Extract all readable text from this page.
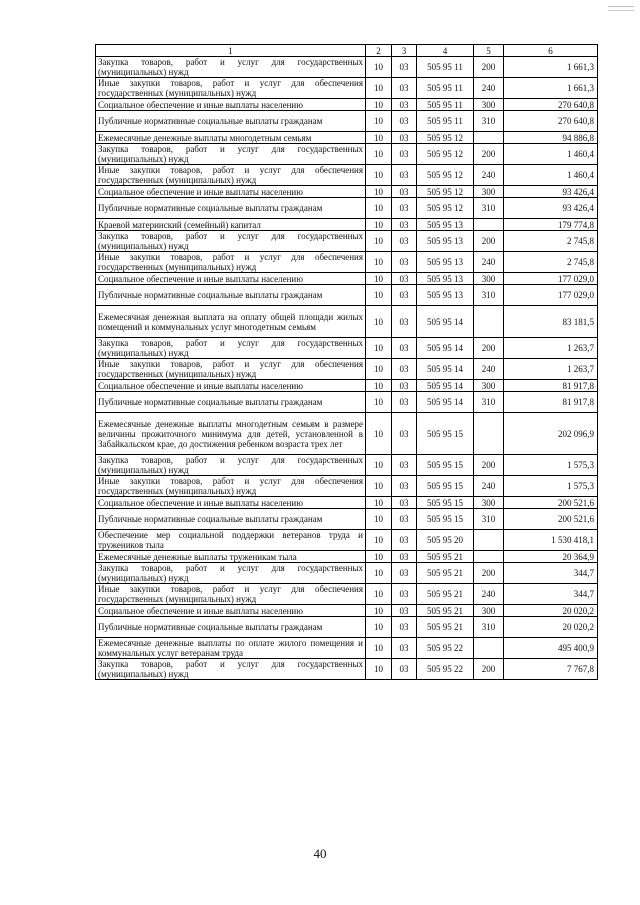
1	2	3	4	5	6
Закупка товаров, работ и услуг для государственных (муниципальных) нужд	10	03	505 95 11	200	1 661,3
Иные закупки товаров, работ и услуг для обеспечения государственных (муниципальных) нужд	10	03	505 95 11	240	1 661,3
Социальное обеспечение и иные выплаты населению	10	03	505 95 11	300	270 640,8
Публичные нормативные социальные выплаты гражданам	10	03	505 95 11	310	270 640,8
Ежемесячные денежные выплаты многодетным семьям	10	03	505 95 12		94 886,8
Закупка товаров, работ и услуг для государственных (муниципальных) нужд	10	03	505 95 12	200	1 460,4
Иные закупки товаров, работ и услуг для обеспечения государственных (муниципальных) нужд	10	03	505 95 12	240	1 460,4
Социальное обеспечение и иные выплаты населению	10	03	505 95 12	300	93 426,4
Публичные нормативные социальные выплаты гражданам	10	03	505 95 12	310	93 426,4
Краевой материнский (семейный) капитал	10	03	505 95 13		179 774,8
Закупка товаров, работ и услуг для государственных (муниципальных) нужд	10	03	505 95 13	200	2 745,8
Иные закупки товаров, работ и услуг для обеспечения государственных (муниципальных) нужд	10	03	505 95 13	240	2 745,8
Социальное обеспечение и иные выплаты населению	10	03	505 95 13	300	177 029,0
Публичные нормативные социальные выплаты гражданам	10	03	505 95 13	310	177 029,0
Ежемесячная денежная выплата на оплату общей площади жилых помещений и коммунальных услуг многодетным семьям	10	03	505 95 14		83 181,5
Закупка товаров, работ и услуг для государственных (муниципальных) нужд	10	03	505 95 14	200	1 263,7
Иные закупки товаров, работ и услуг для обеспечения государственных (муниципальных) нужд	10	03	505 95 14	240	1 263,7
Социальное обеспечение и иные выплаты населению	10	03	505 95 14	300	81 917,8
Публичные нормативные социальные выплаты гражданам	10	03	505 95 14	310	81 917,8
Ежемесячные денежные выплаты многодетным семьям в размере величины прожиточного минимума для детей, установленной в Забайкальском крае, до достижения ребенком возраста трех лет	10	03	505 95 15		202 096,9
Закупка товаров, работ и услуг для государственных (муниципальных) нужд	10	03	505 95 15	200	1 575,3
Иные закупки товаров, работ и услуг для обеспечения государственных (муниципальных) нужд	10	03	505 95 15	240	1 575,3
Социальное обеспечение и иные выплаты населению	10	03	505 95 15	300	200 521,6
Публичные нормативные социальные выплаты гражданам	10	03	505 95 15	310	200 521,6
Обеспечение мер социальной поддержки ветеранов труда и тружеников тыла	10	03	505 95 20		1 530 418,1
Ежемесячные денежные выплаты труженикам тыла	10	03	505 95 21		20 364,9
Закупка товаров, работ и услуг для государственных (муниципальных) нужд	10	03	505 95 21	200	344,7
Иные закупки товаров, работ и услуг для обеспечения государственных (муниципальных) нужд	10	03	505 95 21	240	344,7
Социальное обеспечение и иные выплаты населению	10	03	505 95 21	300	20 020,2
Публичные нормативные социальные выплаты гражданам	10	03	505 95 21	310	20 020,2
Ежемесячные денежные выплаты по оплате жилого помещения и коммунальных услуг ветеранам труда	10	03	505 95 22		495 400,9
Закупка товаров, работ и услуг для государственных (муниципальных) нужд	10	03	505 95 22	200	7 767,8
40
